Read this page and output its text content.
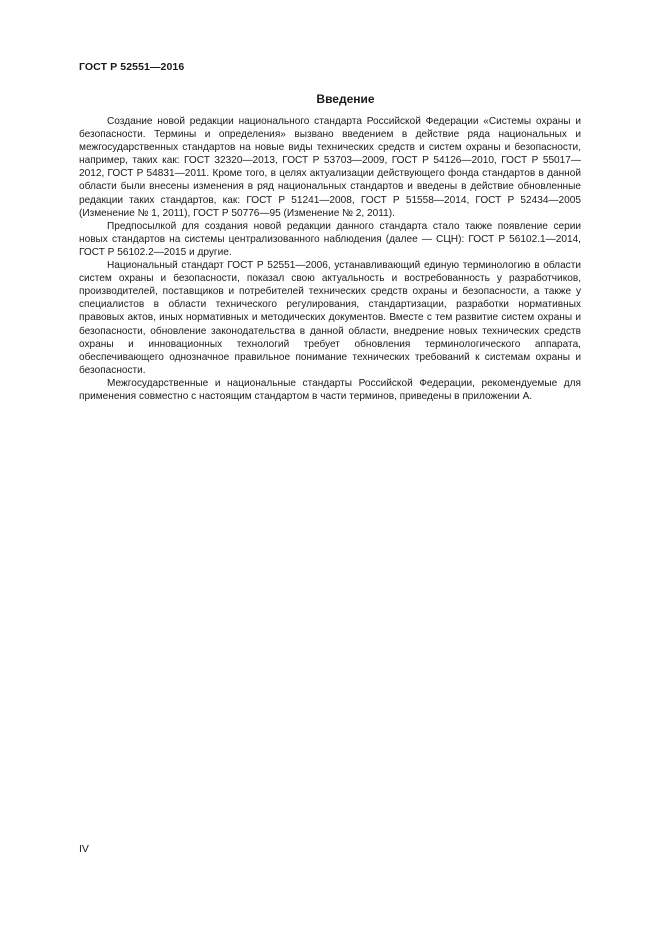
ГОСТ Р 52551—2016
Введение

Создание новой редакции национального стандарта Российской Федерации «Системы охраны и безопасности. Термины и определения» вызвано введением в действие ряда национальных и межгосударственных стандартов на новые виды технических средств и систем охраны и безопасности, например, таких как: ГОСТ 32320—2013, ГОСТ Р 53703—2009, ГОСТ Р 54126—2010, ГОСТ Р 55017—2012, ГОСТ Р 54831—2011. Кроме того, в целях актуализации действующего фонда стандартов в данной области были внесены изменения в ряд национальных стандартов и введены в действие обновленные редакции таких стандартов, как: ГОСТ Р 51241—2008, ГОСТ Р 51558—2014, ГОСТ Р 52434—2005 (Изменение № 1, 2011), ГОСТ Р 50776—95 (Изменение № 2, 2011).

Предпосылкой для создания новой редакции данного стандарта стало также появление серии новых стандартов на системы централизованного наблюдения (далее — СЦН): ГОСТ Р 56102.1—2014, ГОСТ Р 56102.2—2015 и другие.

Национальный стандарт ГОСТ Р 52551—2006, устанавливающий единую терминологию в области систем охраны и безопасности, показал свою актуальность и востребованность у разработчиков, производителей, поставщиков и потребителей технических средств охраны и безопасности, а также у специалистов в области технического регулирования, стандартизации, разработки нормативных правовых актов, иных нормативных и методических документов. Вместе с тем развитие систем охраны и безопасности, обновление законодательства в данной области, внедрение новых технических средств охраны и инновационных технологий требует обновления терминологического аппарата, обеспечивающего однозначное правильное понимание технических требований к системам охраны и безопасности.

Межгосударственные и национальные стандарты Российской Федерации, рекомендуемые для применения совместно с настоящим стандартом в части терминов, приведены в приложении А.

IV
